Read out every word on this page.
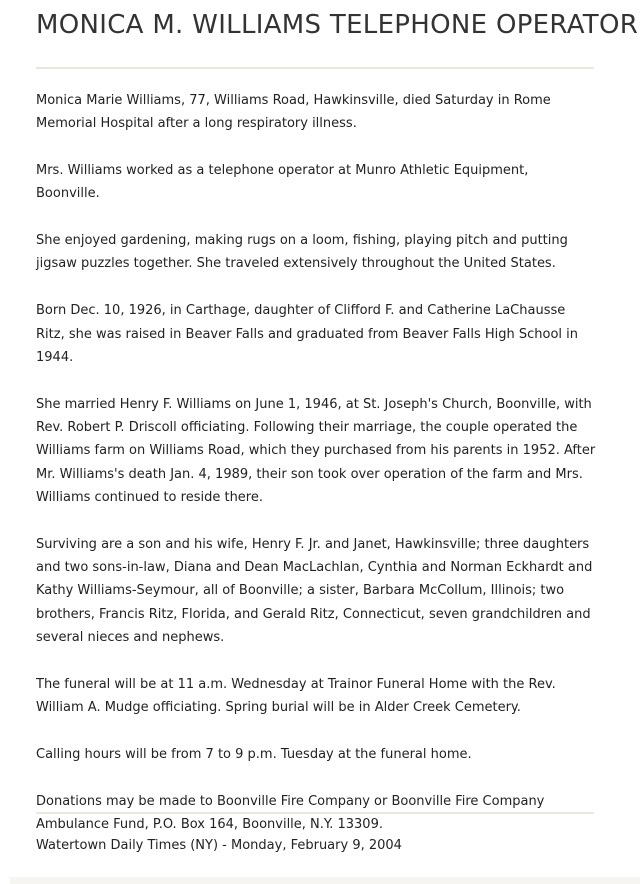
MONICA M. WILLIAMS TELEPHONE OPERATOR

Monica Marie Williams, 77, Williams Road, Hawkinsville, died Saturday in Rome Memorial Hospital after a long respiratory illness.

Mrs. Williams worked as a telephone operator at Munro Athletic Equipment, Boonville.

She enjoyed gardening, making rugs on a loom, fishing, playing pitch and putting jigsaw puzzles together. She traveled extensively throughout the United States.

Born Dec. 10, 1926, in Carthage, daughter of Clifford F. and Catherine LaChausse Ritz, she was raised in Beaver Falls and graduated from Beaver Falls High School in 1944.

She married Henry F. Williams on June 1, 1946, at St. Joseph's Church, Boonville, with Rev. Robert P. Driscoll officiating. Following their marriage, the couple operated the Williams farm on Williams Road, which they purchased from his parents in 1952. After Mr. Williams's death Jan. 4, 1989, their son took over operation of the farm and Mrs. Williams continued to reside there.

Surviving are a son and his wife, Henry F. Jr. and Janet, Hawkinsville; three daughters and two sons-in-law, Diana and Dean MacLachlan, Cynthia and Norman Eckhardt and Kathy Williams-Seymour, all of Boonville; a sister, Barbara McCollum, Illinois; two brothers, Francis Ritz, Florida, and Gerald Ritz, Connecticut, seven grandchildren and several nieces and nephews.

The funeral will be at 11 a.m. Wednesday at Trainor Funeral Home with the Rev. William A. Mudge officiating. Spring burial will be in Alder Creek Cemetery.

Calling hours will be from 7 to 9 p.m. Tuesday at the funeral home.

Donations may be made to Boonville Fire Company or Boonville Fire Company Ambulance Fund, P.O. Box 164, Boonville, N.Y. 13309.

Watertown Daily Times (NY) - Monday, February 9, 2004
